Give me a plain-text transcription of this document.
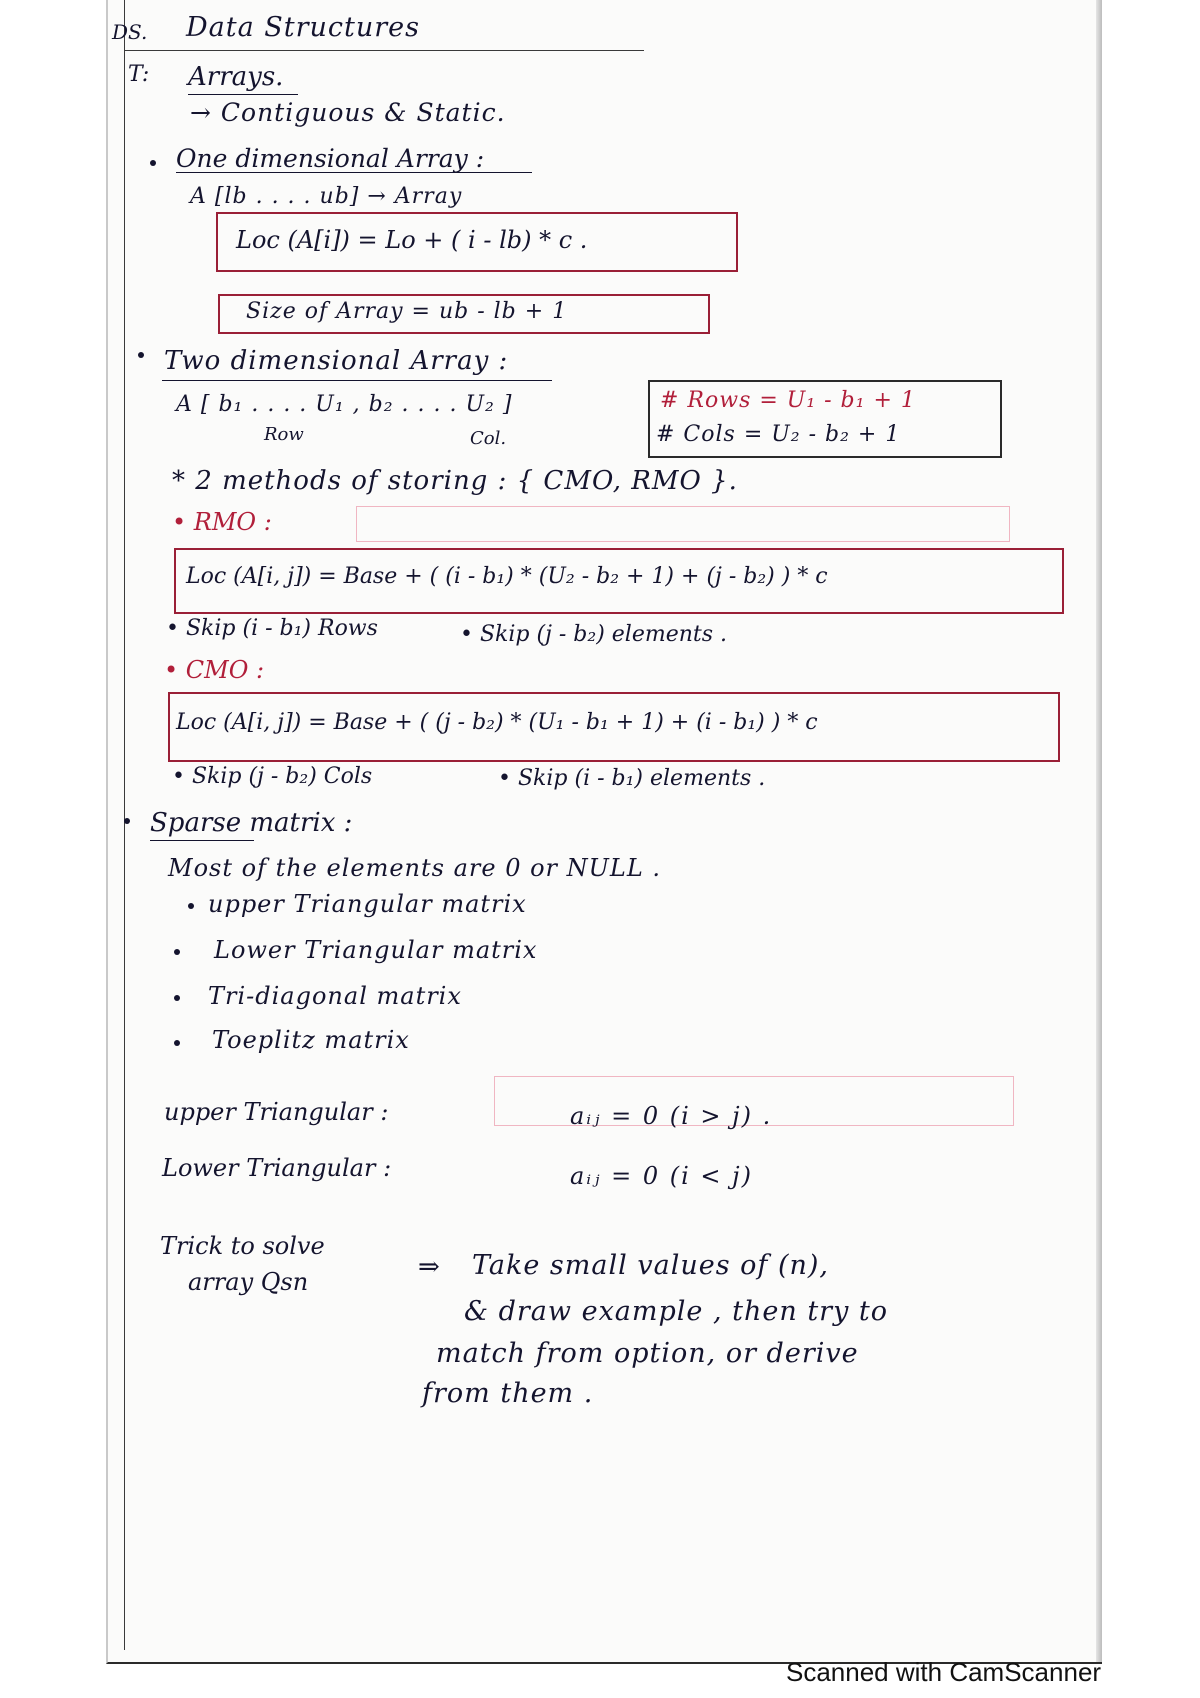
DS. Data Structures
T: Arrays.
→ Contiguous & Static.
One dimensional Array :
A [lb . . . . ub] → Array
Loc (A[i]) = Lo + ( i - lb) * c .
Size of Array = ub - lb + 1
Two dimensional Array :
A [ b₁ . . . . U₁ , b₂ . . . . U₂ ]
Row	Col.
# Rows = U₁ - b₁ + 1
# Cols = U₂ - b₂ + 1
* 2 methods of storing : { CMO, RMO }.
• RMO :
Loc (A[i, j]) = Base + ( (i - b₁) * (U₂ - b₂ + 1) + (j - b₂) ) * c
• Skip (i - b₁) Rows	• Skip (j - b₂) elements .
• CMO :
Loc (A[i, j]) = Base + ( (j - b₂) * (U₁ - b₁ + 1) + (i - b₁) ) * c
• Skip (j - b₂) Cols	• Skip (i - b₁) elements .
Sparse matrix :
Most of the elements are 0 or NULL .
upper Triangular matrix
Lower Triangular matrix
Tri-diagonal matrix
Toeplitz matrix
upper Triangular :	aᵢⱼ = 0 (i > j) .
Lower Triangular :	aᵢⱼ = 0 (i < j)
Trick to solve
array Qsn	⇒ Take small values of (n),
& draw example , then try to
match from option, or derive
from them .
Scanned with CamScanner
